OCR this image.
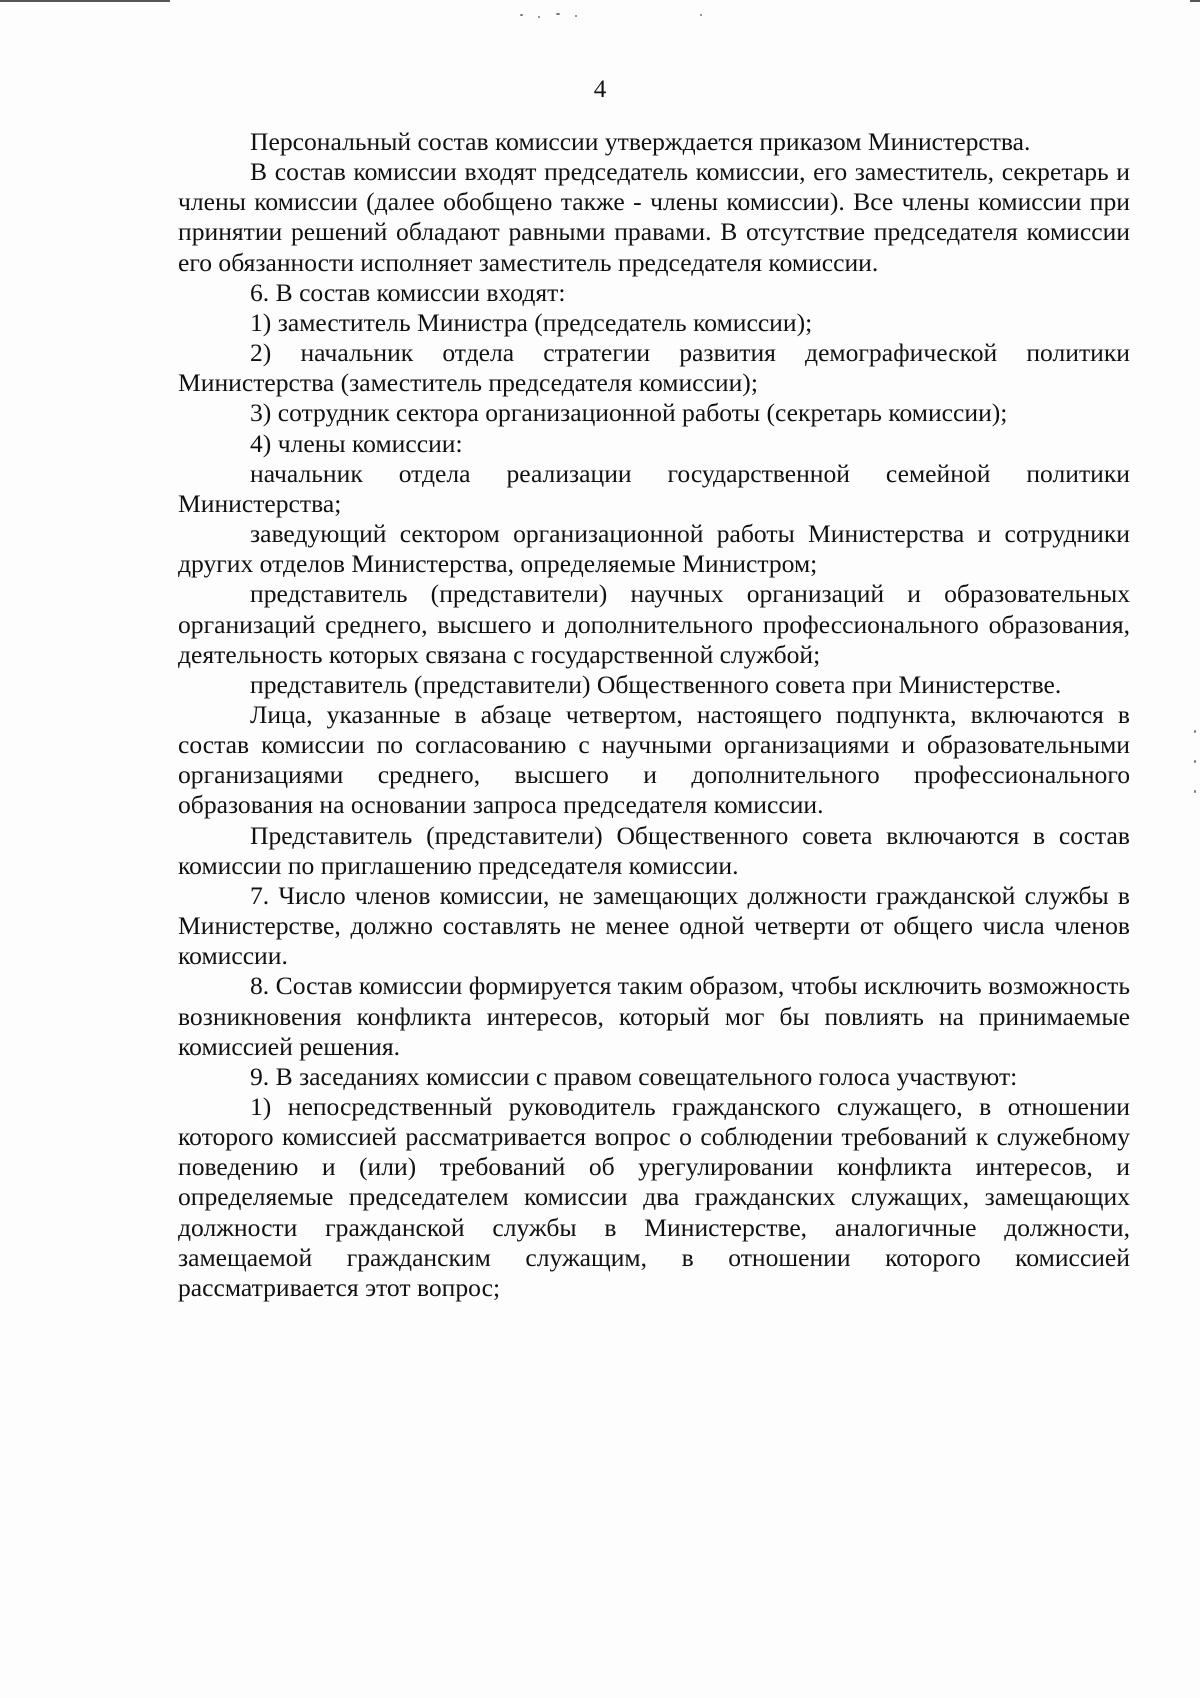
4

Персональный состав комиссии утверждается приказом Министерства.

В состав комиссии входят председатель комиссии, его заместитель, секретарь и члены комиссии (далее обобщено также - члены комиссии). Все члены комиссии при принятии решений обладают равными правами. В отсутствие председателя комиссии его обязанности исполняет заместитель председателя комиссии.

6. В состав комиссии входят:

1) заместитель Министра (председатель комиссии);

2) начальник отдела стратегии развития демографической политики Министерства (заместитель председателя комиссии);

3) сотрудник сектора организационной работы (секретарь комиссии);

4) члены комиссии:

начальник отдела реализации государственной семейной политики Министерства;

заведующий сектором организационной работы Министерства и сотрудники других отделов Министерства, определяемые Министром;

представитель (представители) научных организаций и образовательных организаций среднего, высшего и дополнительного профессионального образования, деятельность которых связана с государственной службой;

представитель (представители) Общественного совета при Министерстве.

Лица, указанные в абзаце четвертом, настоящего подпункта, включаются в состав комиссии по согласованию с научными организациями и образовательными организациями среднего, высшего и дополнительного профессионального образования на основании запроса председателя комиссии.

Представитель (представители) Общественного совета включаются в состав комиссии по приглашению председателя комиссии.

7. Число членов комиссии, не замещающих должности гражданской службы в Министерстве, должно составлять не менее одной четверти от общего числа членов комиссии.

8. Состав комиссии формируется таким образом, чтобы исключить возможность возникновения конфликта интересов, который мог бы повлиять на принимаемые комиссией решения.

9. В заседаниях комиссии с правом совещательного голоса участвуют:

1) непосредственный руководитель гражданского служащего, в отношении которого комиссией рассматривается вопрос о соблюдении требований к служебному поведению и (или) требований об урегулировании конфликта интересов, и определяемые председателем комиссии два гражданских служащих, замещающих должности гражданской службы в Министерстве, аналогичные должности, замещаемой гражданским служащим, в отношении которого комиссией рассматривается этот вопрос;
